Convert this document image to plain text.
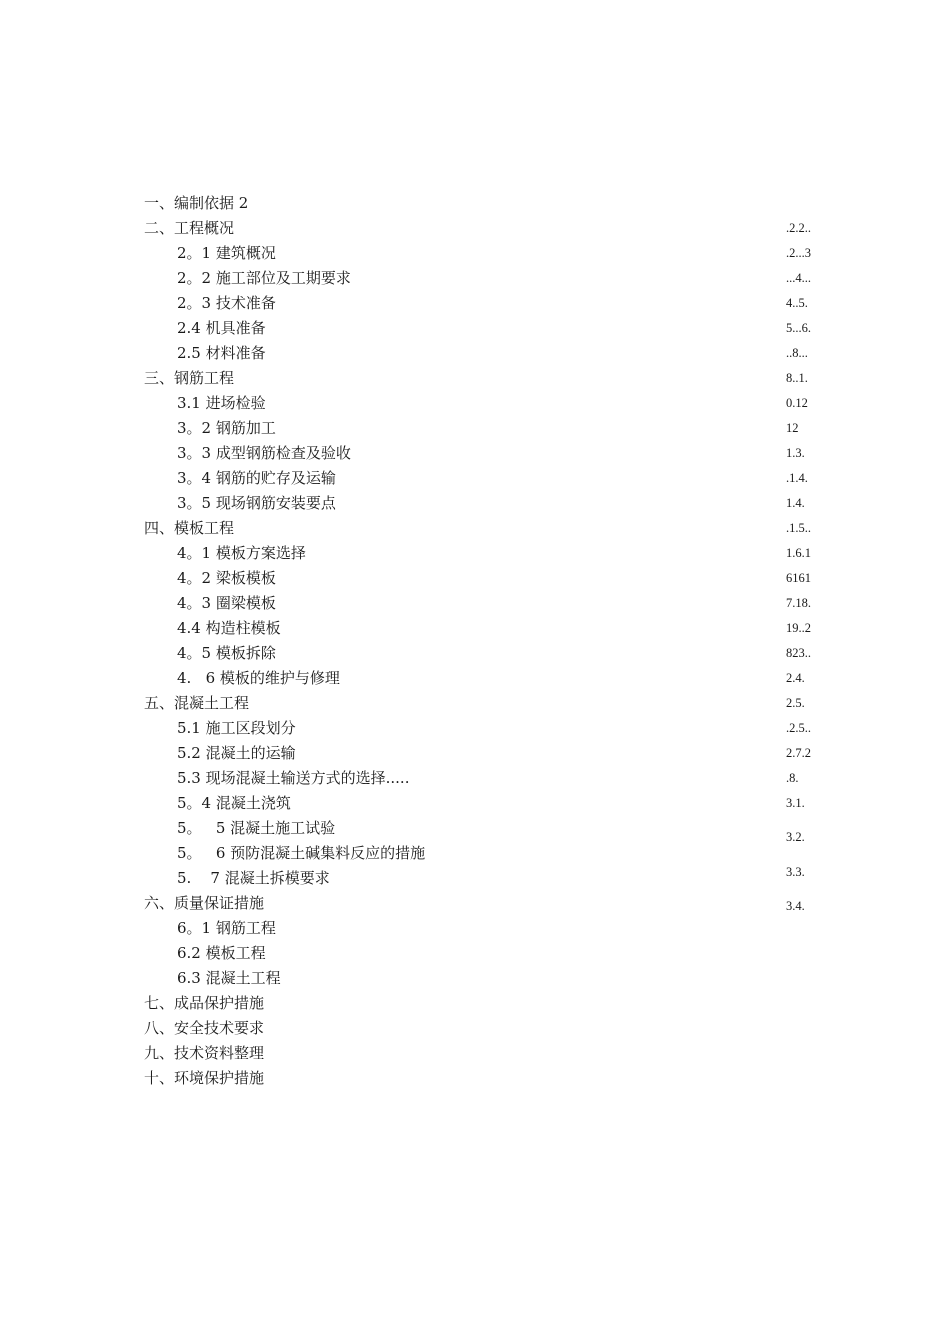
一、编制依据 2
二、工程概况
2。1 建筑概况
2。2 施工部位及工期要求
2。3 技术准备
2.4 机具准备
2.5 材料准备
三、钢筋工程
3.1 进场检验
3。2 钢筋加工
3。3 成型钢筋检查及验收
3。4 钢筋的贮存及运输
3。5 现场钢筋安装要点
四、模板工程
4。1 模板方案选择
4。2 梁板模板
4。3 圈梁模板
4.4 构造柱模板
4。5 模板拆除
4.   6 模板的维护与修理
五、混凝土工程
5.1 施工区段划分
5.2 混凝土的运输
5.3 现场混凝土输送方式的选择.....
5。4 混凝土浇筑
5。   5 混凝土施工试验
5。   6 预防混凝土碱集料反应的措施
5.    7 混凝土拆模要求
六、质量保证措施
6。1 钢筋工程
6.2 模板工程
6.3 混凝土工程
七、成品保护措施
八、安全技术要求
九、技术资料整理
十、环境保护措施
.2.2..
.2...3
...4...
4..5.
5...6.
..8...
8..1.
0.12
12
1.3.
.1.4.
1.4.
.1.5..
1.6.1
6161
7.18.
19..2
823..
2.4.
2.5.
.2.5..
2.7.2
.8.
3.1.
3.2.
3.3.
3.4.
